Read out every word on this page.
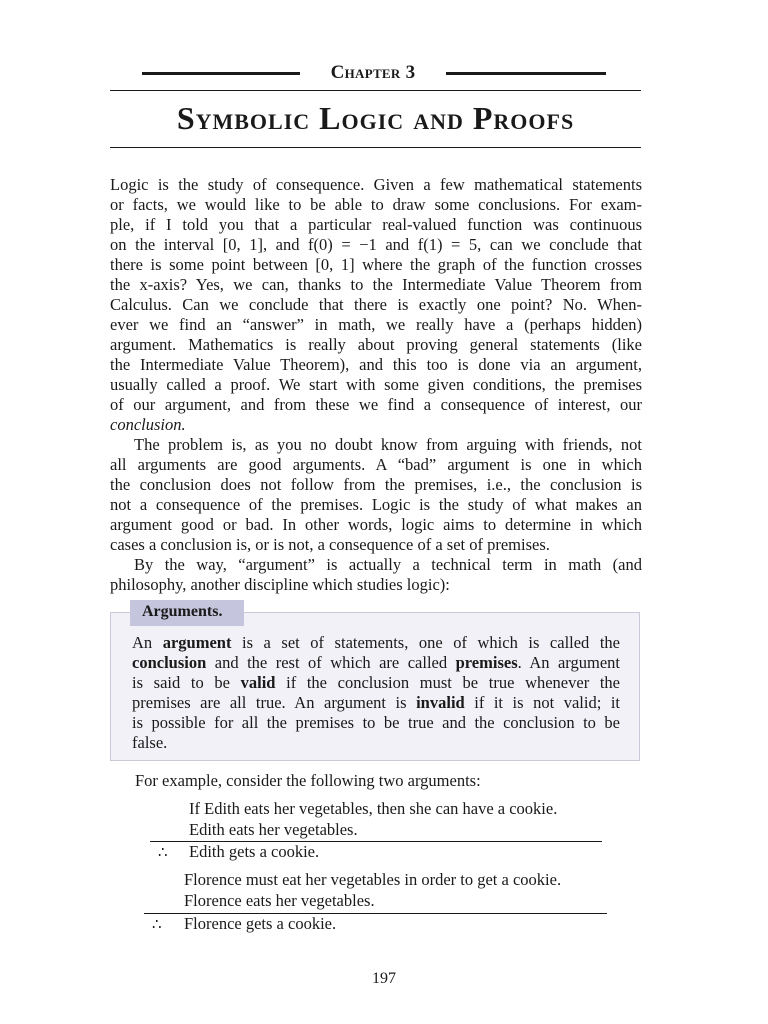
Chapter 3
Symbolic Logic and Proofs
Logic is the study of consequence. Given a few mathematical statements
or facts, we would like to be able to draw some conclusions. For exam-
ple, if I told you that a particular real-valued function was continuous
on the interval [0, 1], and f(0) = −1 and f(1) = 5, can we conclude that
there is some point between [0, 1] where the graph of the function crosses
the x-axis? Yes, we can, thanks to the Intermediate Value Theorem from
Calculus. Can we conclude that there is exactly one point? No. When-
ever we find an “answer” in math, we really have a (perhaps hidden)
argument. Mathematics is really about proving general statements (like
the Intermediate Value Theorem), and this too is done via an argument,
usually called a proof. We start with some given conditions, the premises
of our argument, and from these we find a consequence of interest, our
conclusion.
The problem is, as you no doubt know from arguing with friends, not
all arguments are good arguments. A “bad” argument is one in which
the conclusion does not follow from the premises, i.e., the conclusion is
not a consequence of the premises. Logic is the study of what makes an
argument good or bad. In other words, logic aims to determine in which
cases a conclusion is, or is not, a consequence of a set of premises.
By the way, “argument” is actually a technical term in math (and
philosophy, another discipline which studies logic):
Arguments.
An argument is a set of statements, one of which is called the
conclusion and the rest of which are called premises. An argument
is said to be valid if the conclusion must be true whenever the
premises are all true. An argument is invalid if it is not valid; it
is possible for all the premises to be true and the conclusion to be
false.
For example, consider the following two arguments:
If Edith eats her vegetables, then she can have a cookie.
Edith eats her vegetables.
∴ Edith gets a cookie.
Florence must eat her vegetables in order to get a cookie.
Florence eats her vegetables.
∴ Florence gets a cookie.
197
